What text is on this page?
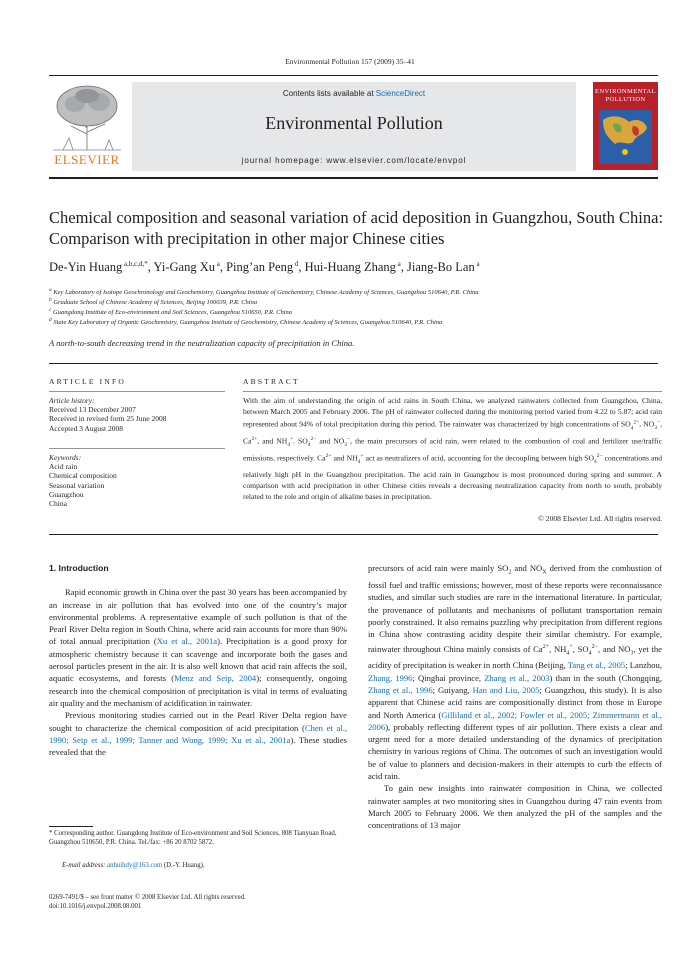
Environmental Pollution 157 (2009) 35–41
ELSEVIER
Contents lists available at ScienceDirect
Environmental Pollution
journal homepage: www.elsevier.com/locate/envpol
ENVIRONMENTAL
POLLUTION
Chemical composition and seasonal variation of acid deposition in Guangzhou, South China: Comparison with precipitation in other major Chinese cities
De-Yin Huang $^{a,b,c,d,*}$, Yi-Gang Xu $^a$, Ping’an Peng $^d$, Hui-Huang Zhang $^a$, Jiang-Bo Lan $^a$
$^a$ Key Laboratory of Isotope Geochronology and Geochemistry, Guangzhou Institute of Geochemistry, Chinese Academy of Sciences, Guangzhou 510640, P.R. China
$^b$ Graduate School of Chinese Academy of Sciences, Beijing 100039, P.R. China
$^c$ Guangdong Institute of Eco-environment and Soil Sciences, Guangzhou 510650, P.R. China
$^d$ State Key Laboratory of Organic Geochemistry, Guangzhou Institute of Geochemistry, Chinese Academy of Sciences, Guangzhou 510640, P.R. China
A north-to-south decreasing trend in the neutralization capacity of precipitation in China.
ARTICLE INFO
Article history:
Received 13 December 2007
Received in revised form 25 June 2008
Accepted 3 August 2008
Keywords:
Acid rain
Chemical composition
Seasonal variation
Guangzhou
China
ABSTRACT
With the aim of understanding the origin of acid rains in South China, we analyzed rainwaters collected from Guangzhou, China, between March 2005 and February 2006. The pH of rainwater collected during the monitoring period varied from 4.22 to 5.87; acid rain represented about 94% of total precipitation during this period. The rainwater was characterized by high concentrations of $SO_4^{2-}$, $NO_3^-$, $Ca^{2+}$, and $NH_4^+$. $SO_4^{2-}$ and $NO_3^-$, the main precursors of acid rain, were related to the combustion of coal and fertilizer use/traffic emissions, respectively. $Ca^{2+}$ and $NH_4^+$ act as neutralizers of acid, accounting for the decoupling between high $SO_4^{2-}$ concentrations and relatively high pH in the Guangzhou precipitation. The acid rain in Guangzhou is most pronounced during spring and summer. A comparison with acid precipitation in other Chinese cities reveals a decreasing neutralization capacity from north to south, probably related to the role and origin of alkaline bases in precipitation.
© 2008 Elsevier Ltd. All rights reserved.

1. Introduction

Rapid economic growth in China over the past 30 years has been accompanied by an increase in air pollution that has evolved into one of the country’s major environmental problems. A representative example of such pollution is that of the Pearl River Delta region in South China, where acid rain accounts for more than 90% of total annual precipitation (Xu et al., 2001a). Precipitation is a good proxy for atmospheric chemistry because it can scavenge and incorporate both the gases and aerosol particles present in the air. It is also well known that acid rain affects the soil, aquatic ecosystems, and forests (Menz and Seip, 2004); consequently, ongoing research into the chemical composition of precipitation is vital in terms of evaluating air quality and the mechanism of acidification in rainwater.

Previous monitoring studies carried out in the Pearl River Delta region have sought to characterize the chemical composition of acid precipitation (Chen et al., 1990; Seip et al., 1999; Tanner and Wong, 1999; Xu et al., 2001a). These studies revealed that the

* Corresponding author. Guangdong Institute of Eco-environment and Soil Sciences, 808 Tianyuan Road, Guangzhou 510650, P.R. China. Tel./fax: +86 20 8702 5872.
E-mail address: anhuihdy@163.com (D.-Y. Huang).
0269-7491/$ – see front matter © 2008 Elsevier Ltd. All rights reserved.
doi:10.1016/j.envpol.2008.08.001

precursors of acid rain were mainly $SO_2$ and $NO_X$ derived from the combustion of fossil fuel and traffic emissions; however, most of these reports were reconnaissance studies, and similar such studies are rare in the international literature. In particular, the provenance of pollutants and mechanisms of pollutant transportation remain poorly constrained. It also remains puzzling why precipitation from different regions in China show contrasting acidity despite their similar chemistry. For example, rainwater throughout China mainly consists of $Ca^{2+}$, $NH_4^+$, $SO_4^{2-}$, and $NO_3$, yet the acidity of precipitation is weaker in north China (Beijing, Tang et al., 2005; Lanzhou, Zhang, 1996; Qinghai province, Zhang et al., 2003) than in the south (Chongqing, Zhang et al., 1996; Guiyang, Han and Liu, 2005; Guangzhou, this study). It is also apparent that Chinese acid rains are compositionally distinct from those in Europe and North America (Gilliland et al., 2002; Fowler et al., 2005; Zimmermann et al., 2006), probably reflecting different types of air pollution. There exists a clear and urgent need for a more detailed understanding of the dynamics of precipitation chemistry in various regions of China. The outcomes of such an investigation would be of value to planners and decision-makers in their attempts to curb the effects of acid rain.

To gain new insights into rainwater composition in China, we collected rainwater samples at two monitoring sites in Guangzhou during 47 rain events from March 2005 to February 2006. We then analyzed the pH of the samples and the concentrations of 13 major
